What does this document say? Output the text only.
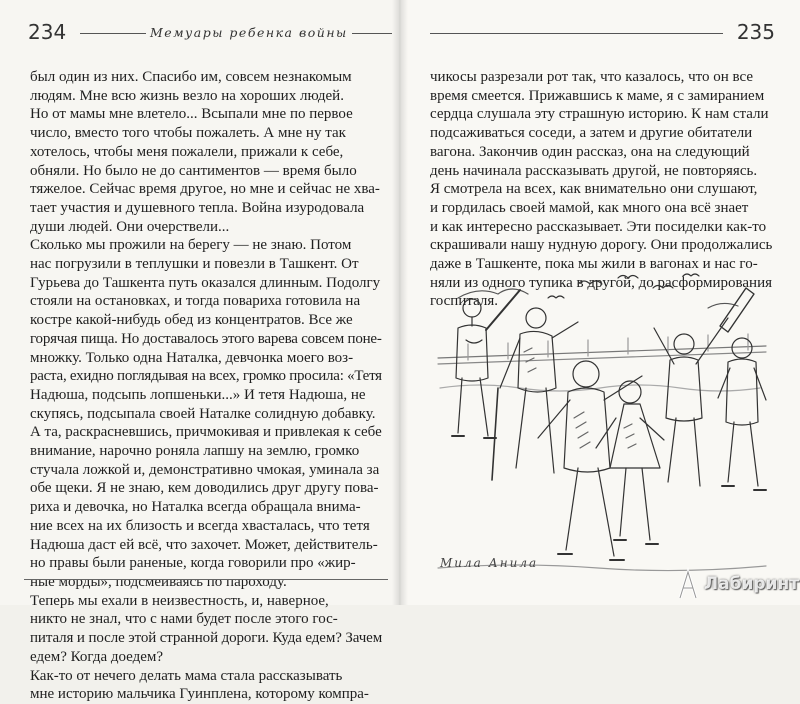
234	Мемуары ребенка войны
был один из них. Спасибо им, совсем незнакомым
людям. Мне всю жизнь везло на хороших людей.
Но от мамы мне влетело... Всыпали мне по первое
число, вместо того чтобы пожалеть. А мне ну так
хотелось, чтобы меня пожалели, прижали к себе,
обняли. Но было не до сантиментов — время было
тяжелое. Сейчас время другое, но мне и сейчас не хва-
тает участия и душевного тепла. Война изуродовала
души людей. Они очерствели...
Сколько мы прожили на берегу — не знаю. Потом
нас погрузили в теплушки и повезли в Ташкент. От
Гурьева до Ташкента путь оказался длинным. Подолгу
стояли на остановках, и тогда повариха готовила на
костре какой-нибудь обед из концентратов. Все же
горячая пища. Но доставалось этого варева совсем поне-
множку. Только одна Наталка, девчонка моего воз-
раста, ехидно поглядывая на всех, громко просила: «Тетя
Надюша, подсыпь лопшеньки...» И тетя Надюша, не
скупясь, подсыпала своей Наталке солидную добавку.
А та, раскрасневшись, причмокивая и привлекая к себе
внимание, нарочно роняла лапшу на землю, громко
стучала ложкой и, демонстративно чмокая, уминала за
обе щеки. Я не знаю, кем доводились друг другу пова-
риха и девочка, но Наталка всегда обращала внима-
ние всех на их близость и всегда хвасталась, что тетя
Надюша даст ей всё, что захочет. Может, действитель-
но правы были раненые, когда говорили про «жир-
ные морды», подсмеиваясь по пароходу.
Теперь мы ехали в неизвестность, и, наверное,
никто не знал, что с нами будет после этого гос-
питаля и после этой странной дороги. Куда едем? Зачем
едем? Когда доедем?
Как-то от нечего делать мама стала рассказывать
мне историю мальчика Гуинплена, которому компра-
235
чикосы разрезали рот так, что казалось, что он все
время смеется. Прижавшись к маме, я с замиранием
сердца слушала эту страшную историю. К нам стали
подсаживаться соседи, а затем и другие обитатели
вагона. Закончив один рассказ, она на следующий
день начинала рассказывать другой, не повторяясь.
Я смотрела на всех, как внимательно они слушают,
и гордилась своей мамой, как много она всё знает
и как интересно рассказывает. Эти посиделки как-то
скрашивали нашу нудную дорогу. Они продолжались
даже в Ташкенте, пока мы жили в вагонах и нас го-
няли из одного тупика в другой, до расформирования
госпиталя.
Мила Анила
Лабиринт
